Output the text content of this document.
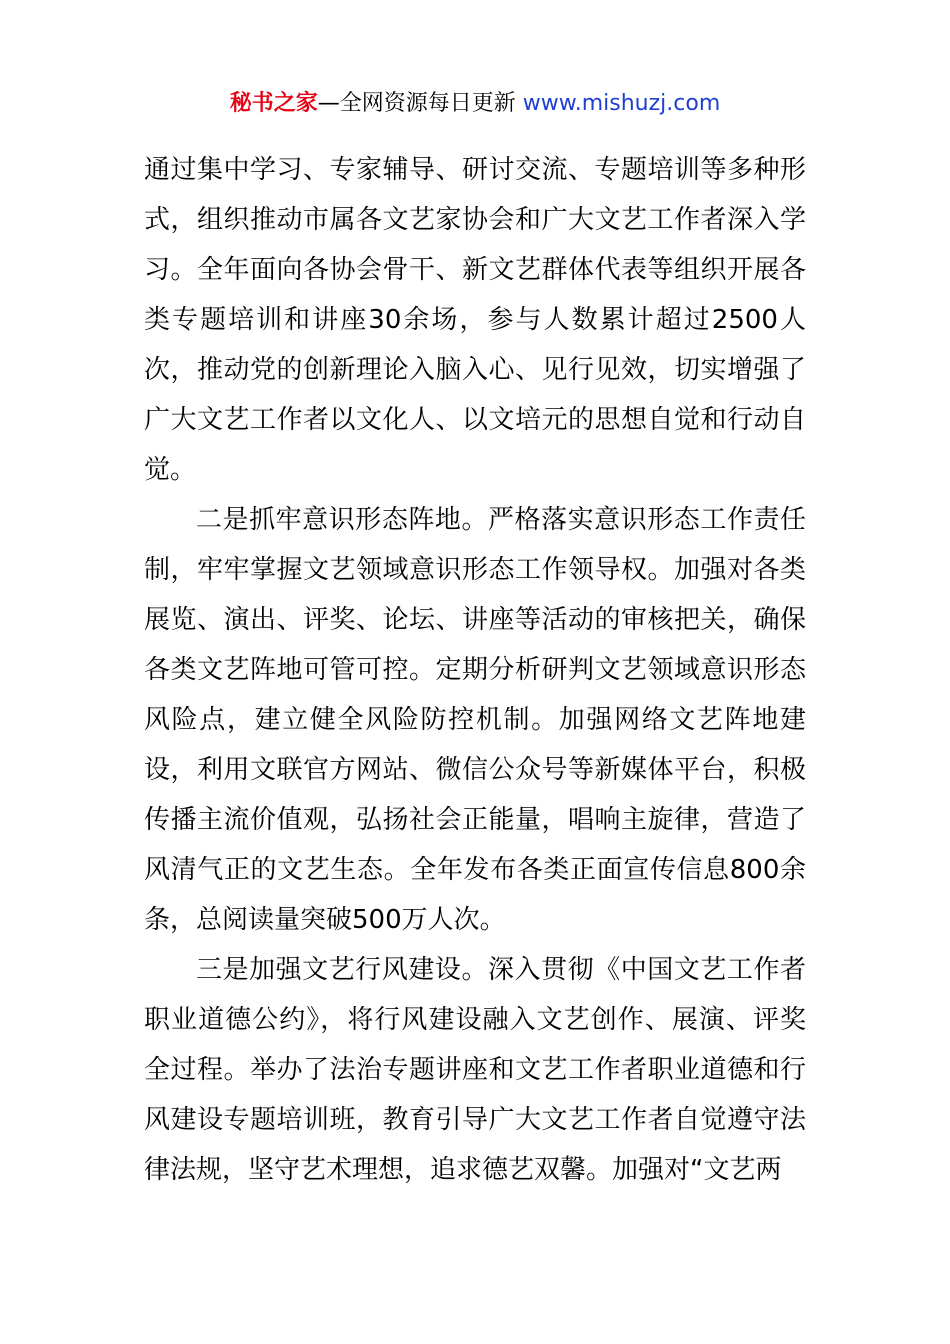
秘书之家—全网资源每日更新 www.mishuzj.com

通过集中学习、专家辅导、研讨交流、专题培训等多种形式，组织推动市属各文艺家协会和广大文艺工作者深入学习。全年面向各协会骨干、新文艺群体代表等组织开展各类专题培训和讲座30余场，参与人数累计超过2500人次，推动党的创新理论入脑入心、见行见效，切实增强了广大文艺工作者以文化人、以文培元的思想自觉和行动自觉。

二是抓牢意识形态阵地。严格落实意识形态工作责任制，牢牢掌握文艺领域意识形态工作领导权。加强对各类展览、演出、评奖、论坛、讲座等活动的审核把关，确保各类文艺阵地可管可控。定期分析研判文艺领域意识形态风险点，建立健全风险防控机制。加强网络文艺阵地建设，利用文联官方网站、微信公众号等新媒体平台，积极传播主流价值观，弘扬社会正能量，唱响主旋律，营造了风清气正的文艺生态。全年发布各类正面宣传信息800余条，总阅读量突破500万人次。

三是加强文艺行风建设。深入贯彻《中国文艺工作者职业道德公约》，将行风建设融入文艺创作、展演、评奖全过程。举办了法治专题讲座和文艺工作者职业道德和行风建设专题培训班，教育引导广大文艺工作者自觉遵守法律法规，坚守艺术理想，追求德艺双馨。加强对“文艺两
